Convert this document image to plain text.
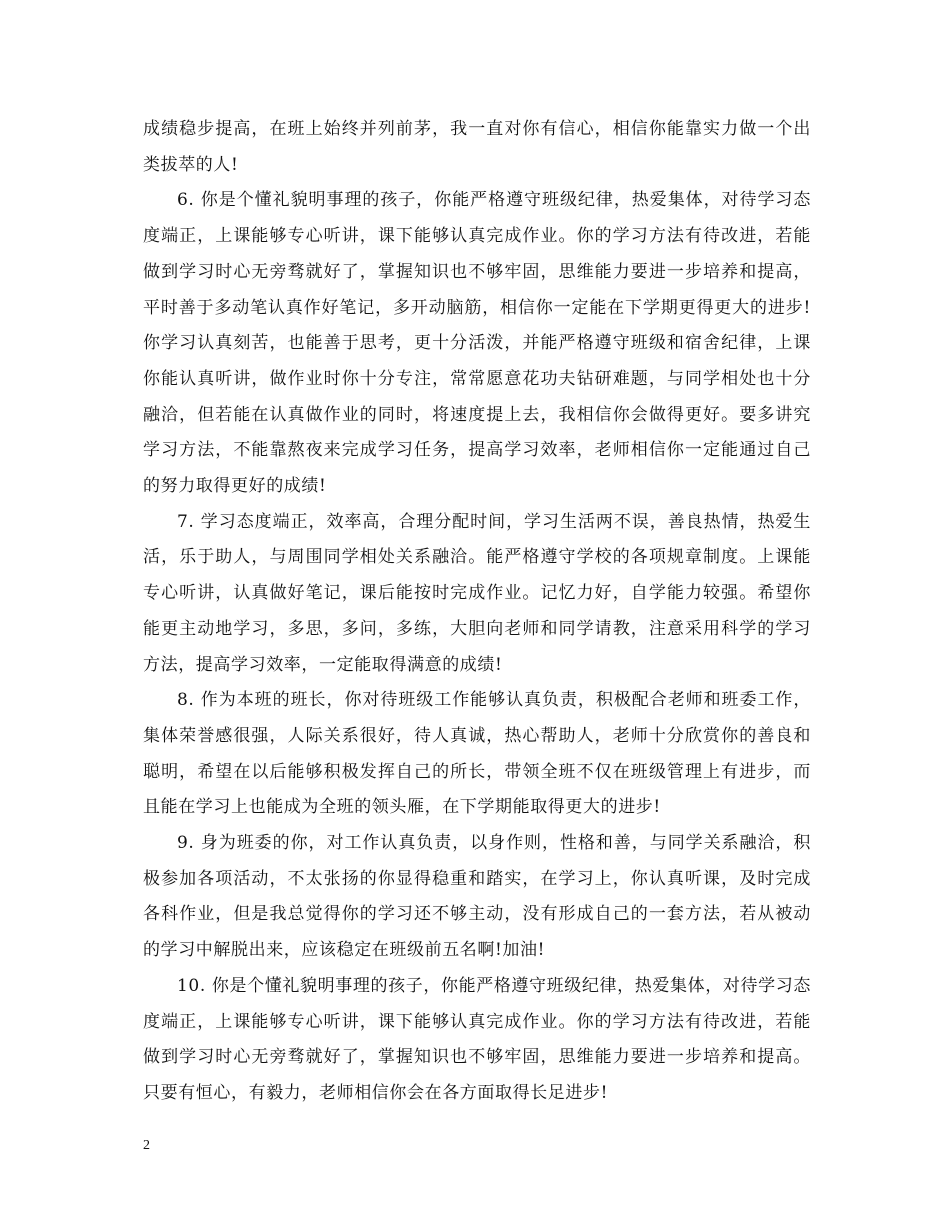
成绩稳步提高，在班上始终并列前茅，我一直对你有信心，相信你能靠实力做一个出类拔萃的人!

6. 你是个懂礼貌明事理的孩子，你能严格遵守班级纪律，热爱集体，对待学习态度端正，上课能够专心听讲，课下能够认真完成作业。你的学习方法有待改进，若能做到学习时心无旁骛就好了，掌握知识也不够牢固，思维能力要进一步培养和提高，平时善于多动笔认真作好笔记，多开动脑筋，相信你一定能在下学期更得更大的进步!你学习认真刻苦，也能善于思考，更十分活泼，并能严格遵守班级和宿舍纪律，上课你能认真听讲，做作业时你十分专注，常常愿意花功夫钻研难题，与同学相处也十分融洽，但若能在认真做作业的同时，将速度提上去，我相信你会做得更好。要多讲究学习方法，不能靠熬夜来完成学习任务，提高学习效率，老师相信你一定能通过自己的努力取得更好的成绩!

7. 学习态度端正，效率高，合理分配时间，学习生活两不误，善良热情，热爱生活，乐于助人，与周围同学相处关系融洽。能严格遵守学校的各项规章制度。上课能专心听讲，认真做好笔记，课后能按时完成作业。记忆力好，自学能力较强。希望你能更主动地学习，多思，多问，多练，大胆向老师和同学请教，注意采用科学的学习方法，提高学习效率，一定能取得满意的成绩!

8. 作为本班的班长，你对待班级工作能够认真负责，积极配合老师和班委工作，集体荣誉感很强，人际关系很好，待人真诚，热心帮助人，老师十分欣赏你的善良和聪明，希望在以后能够积极发挥自己的所长，带领全班不仅在班级管理上有进步，而且能在学习上也能成为全班的领头雁，在下学期能取得更大的进步!

9. 身为班委的你，对工作认真负责，以身作则，性格和善，与同学关系融洽，积极参加各项活动，不太张扬的你显得稳重和踏实，在学习上，你认真听课，及时完成各科作业，但是我总觉得你的学习还不够主动，没有形成自己的一套方法，若从被动的学习中解脱出来，应该稳定在班级前五名啊!加油!

10. 你是个懂礼貌明事理的孩子，你能严格遵守班级纪律，热爱集体，对待学习态度端正，上课能够专心听讲，课下能够认真完成作业。你的学习方法有待改进，若能做到学习时心无旁骛就好了，掌握知识也不够牢固，思维能力要进一步培养和提高。只要有恒心，有毅力，老师相信你会在各方面取得长足进步!

2
